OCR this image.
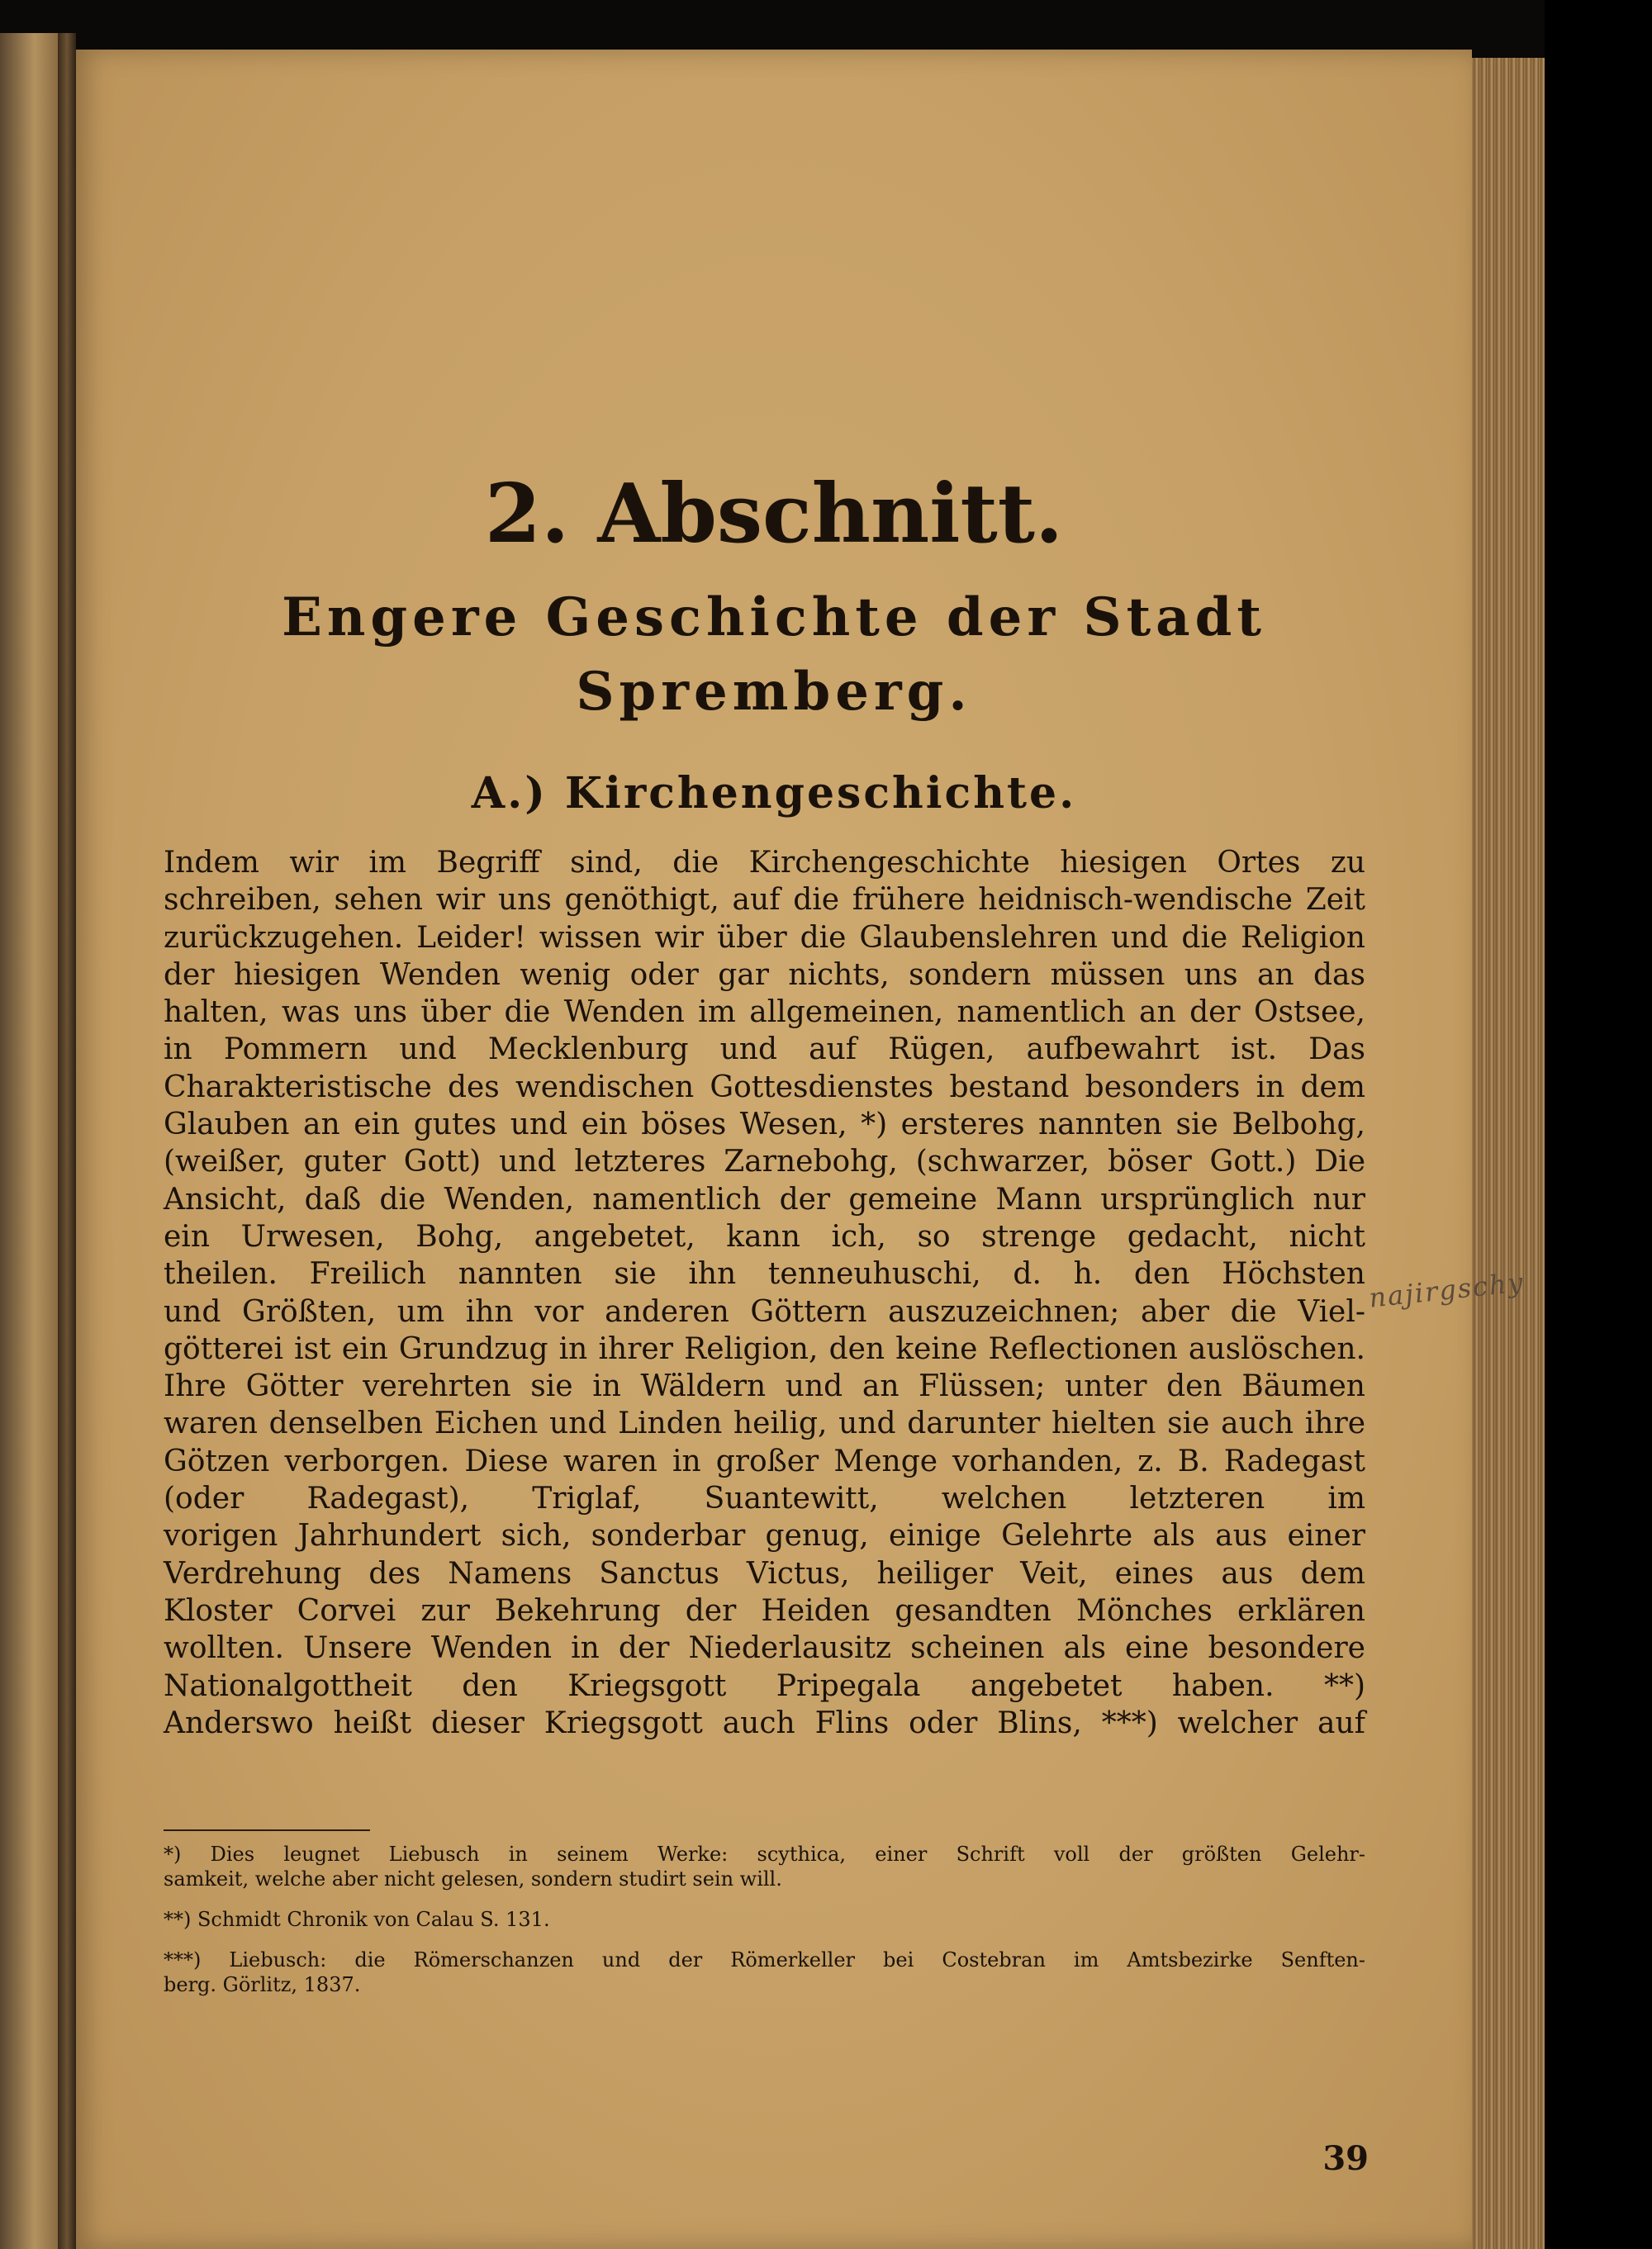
2. Abschnitt.
Engere Geschichte der Stadt
Spremberg.
A.) Kirchengeschichte.
Indem wir im Begriff sind, die Kirchengeschichte hiesigen Ortes zu
schreiben, sehen wir uns genöthigt, auf die frühere heidnisch-wendische Zeit
zurückzugehen. Leider! wissen wir über die Glaubenslehren und die Religion
der hiesigen Wenden wenig oder gar nichts, sondern müssen uns an das
halten, was uns über die Wenden im allgemeinen, namentlich an der Ostsee,
in Pommern und Mecklenburg und auf Rügen, aufbewahrt ist. Das
Charakteristische des wendischen Gottesdienstes bestand besonders in dem
Glauben an ein gutes und ein böses Wesen, *) ersteres nannten sie Belbohg,
(weißer, guter Gott) und letzteres Zarnebohg, (schwarzer, böser Gott.) Die
Ansicht, daß die Wenden, namentlich der gemeine Mann ursprünglich nur
ein Urwesen, Bohg, angebetet, kann ich, so strenge gedacht, nicht
theilen. Freilich nannten sie ihn tenneuhuschi, d. h. den Höchsten
und Größten, um ihn vor anderen Göttern auszuzeichnen; aber die Viel-
götterei ist ein Grundzug in ihrer Religion, den keine Reflectionen auslöschen.
Ihre Götter verehrten sie in Wäldern und an Flüssen; unter den Bäumen
waren denselben Eichen und Linden heilig, und darunter hielten sie auch ihre
Götzen verborgen. Diese waren in großer Menge vorhanden, z. B. Radegast
(oder Radegast), Triglaf, Suantewitt, welchen letzteren im
vorigen Jahrhundert sich, sonderbar genug, einige Gelehrte als aus einer
Verdrehung des Namens Sanctus Victus, heiliger Veit, eines aus dem
Kloster Corvei zur Bekehrung der Heiden gesandten Mönches erklären
wollten. Unsere Wenden in der Niederlausitz scheinen als eine besondere
Nationalgottheit den Kriegsgott Pripegala angebetet haben. **)
Anderswo heißt dieser Kriegsgott auch Flins oder Blins, ***) welcher auf
najirgschy
*) Dies leugnet Liebusch in seinem Werke: scythica, einer Schrift voll der größten Gelehr-
samkeit, welche aber nicht gelesen, sondern studirt sein will.
**) Schmidt Chronik von Calau S. 131.
***) Liebusch: die Römerschanzen und der Römerkeller bei Costebran im Amtsbezirke Senften-
berg. Görlitz, 1837.
39
